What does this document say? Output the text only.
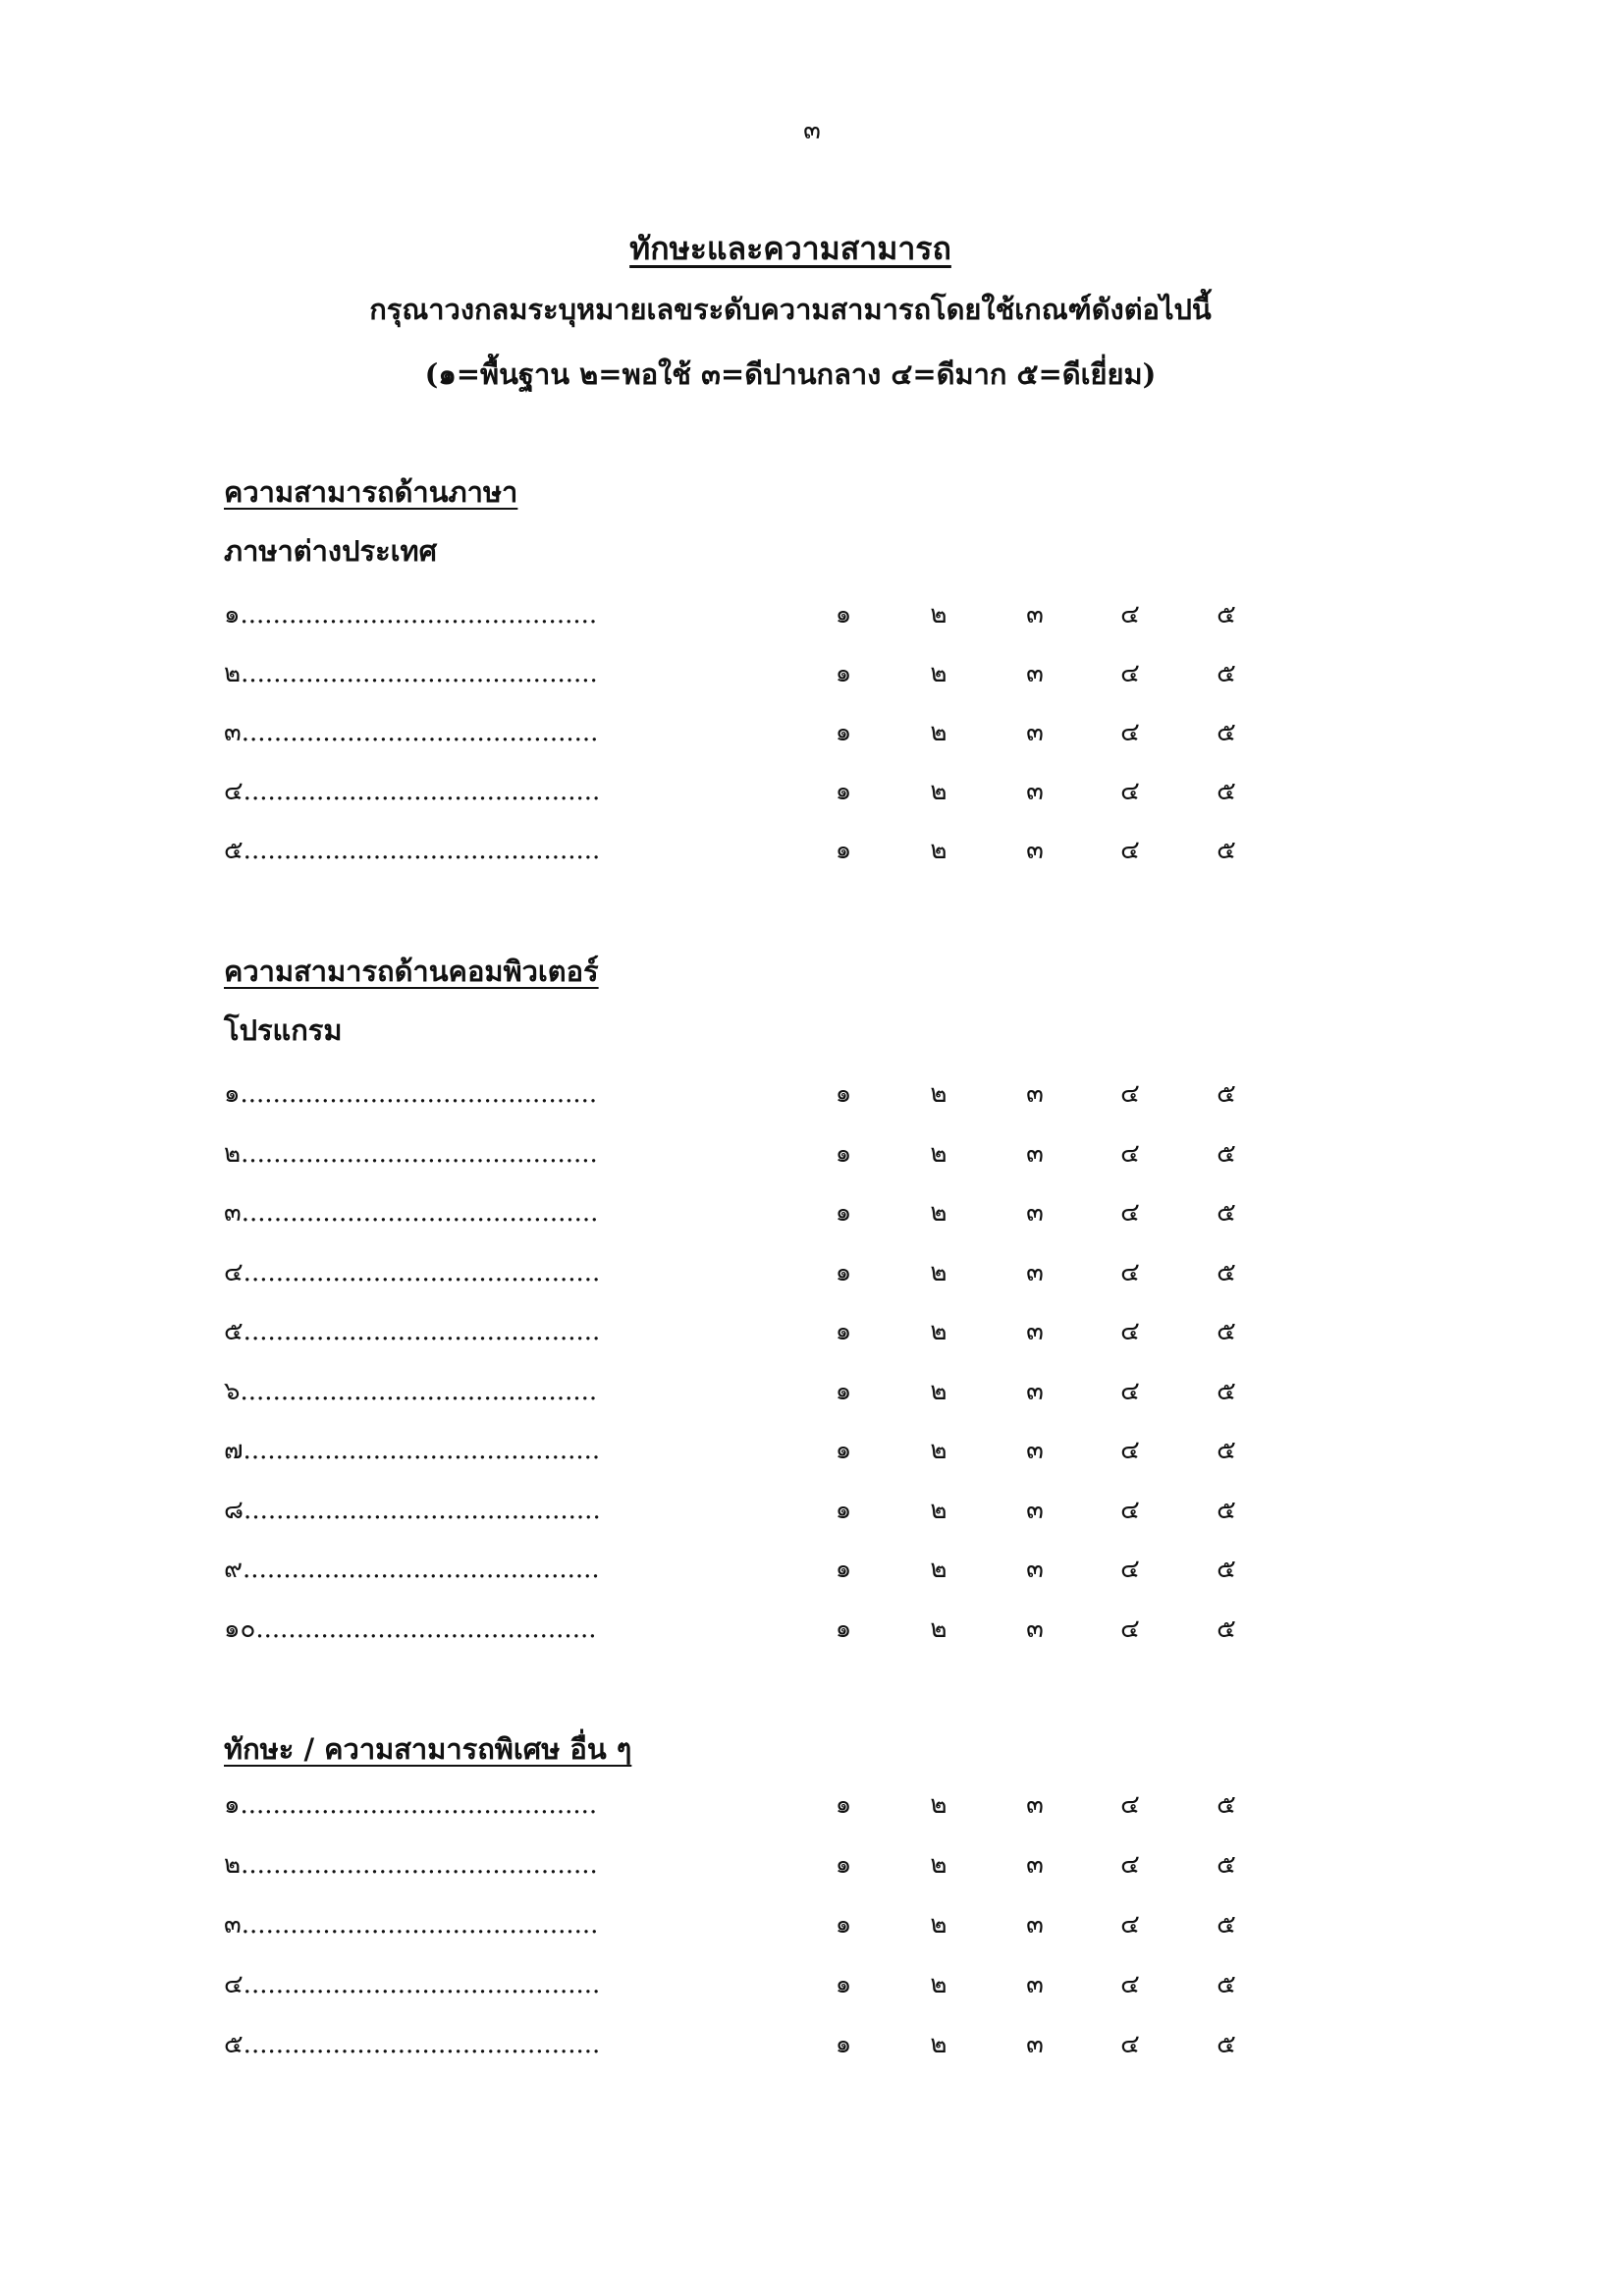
๓
ทักษะและความสามารถ
กรุณาวงกลมระบุหมายเลขระดับความสามารถโดยใช้เกณฑ์ดังต่อไปนี้
(๑=พื้นฐาน ๒=พอใช้ ๓=ดีปานกลาง ๔=ดีมาก ๕=ดีเยี่ยม)
ความสามารถด้านภาษา
ภาษาต่างประเทศ
๑............................................	๑	๒	๓	๔	๕
๒............................................	๑	๒	๓	๔	๕
๓............................................	๑	๒	๓	๔	๕
๔............................................	๑	๒	๓	๔	๕
๕............................................	๑	๒	๓	๔	๕
ความสามารถด้านคอมพิวเตอร์
โปรแกรม
๑............................................	๑	๒	๓	๔	๕
๒............................................	๑	๒	๓	๔	๕
๓............................................	๑	๒	๓	๔	๕
๔............................................	๑	๒	๓	๔	๕
๕............................................	๑	๒	๓	๔	๕
๖............................................	๑	๒	๓	๔	๕
๗............................................	๑	๒	๓	๔	๕
๘............................................	๑	๒	๓	๔	๕
๙............................................	๑	๒	๓	๔	๕
๑๐..........................................	๑	๒	๓	๔	๕
ทักษะ / ความสามารถพิเศษ อื่น ๆ
๑............................................	๑	๒	๓	๔	๕
๒............................................	๑	๒	๓	๔	๕
๓............................................	๑	๒	๓	๔	๕
๔............................................	๑	๒	๓	๔	๕
๕............................................	๑	๒	๓	๔	๕
